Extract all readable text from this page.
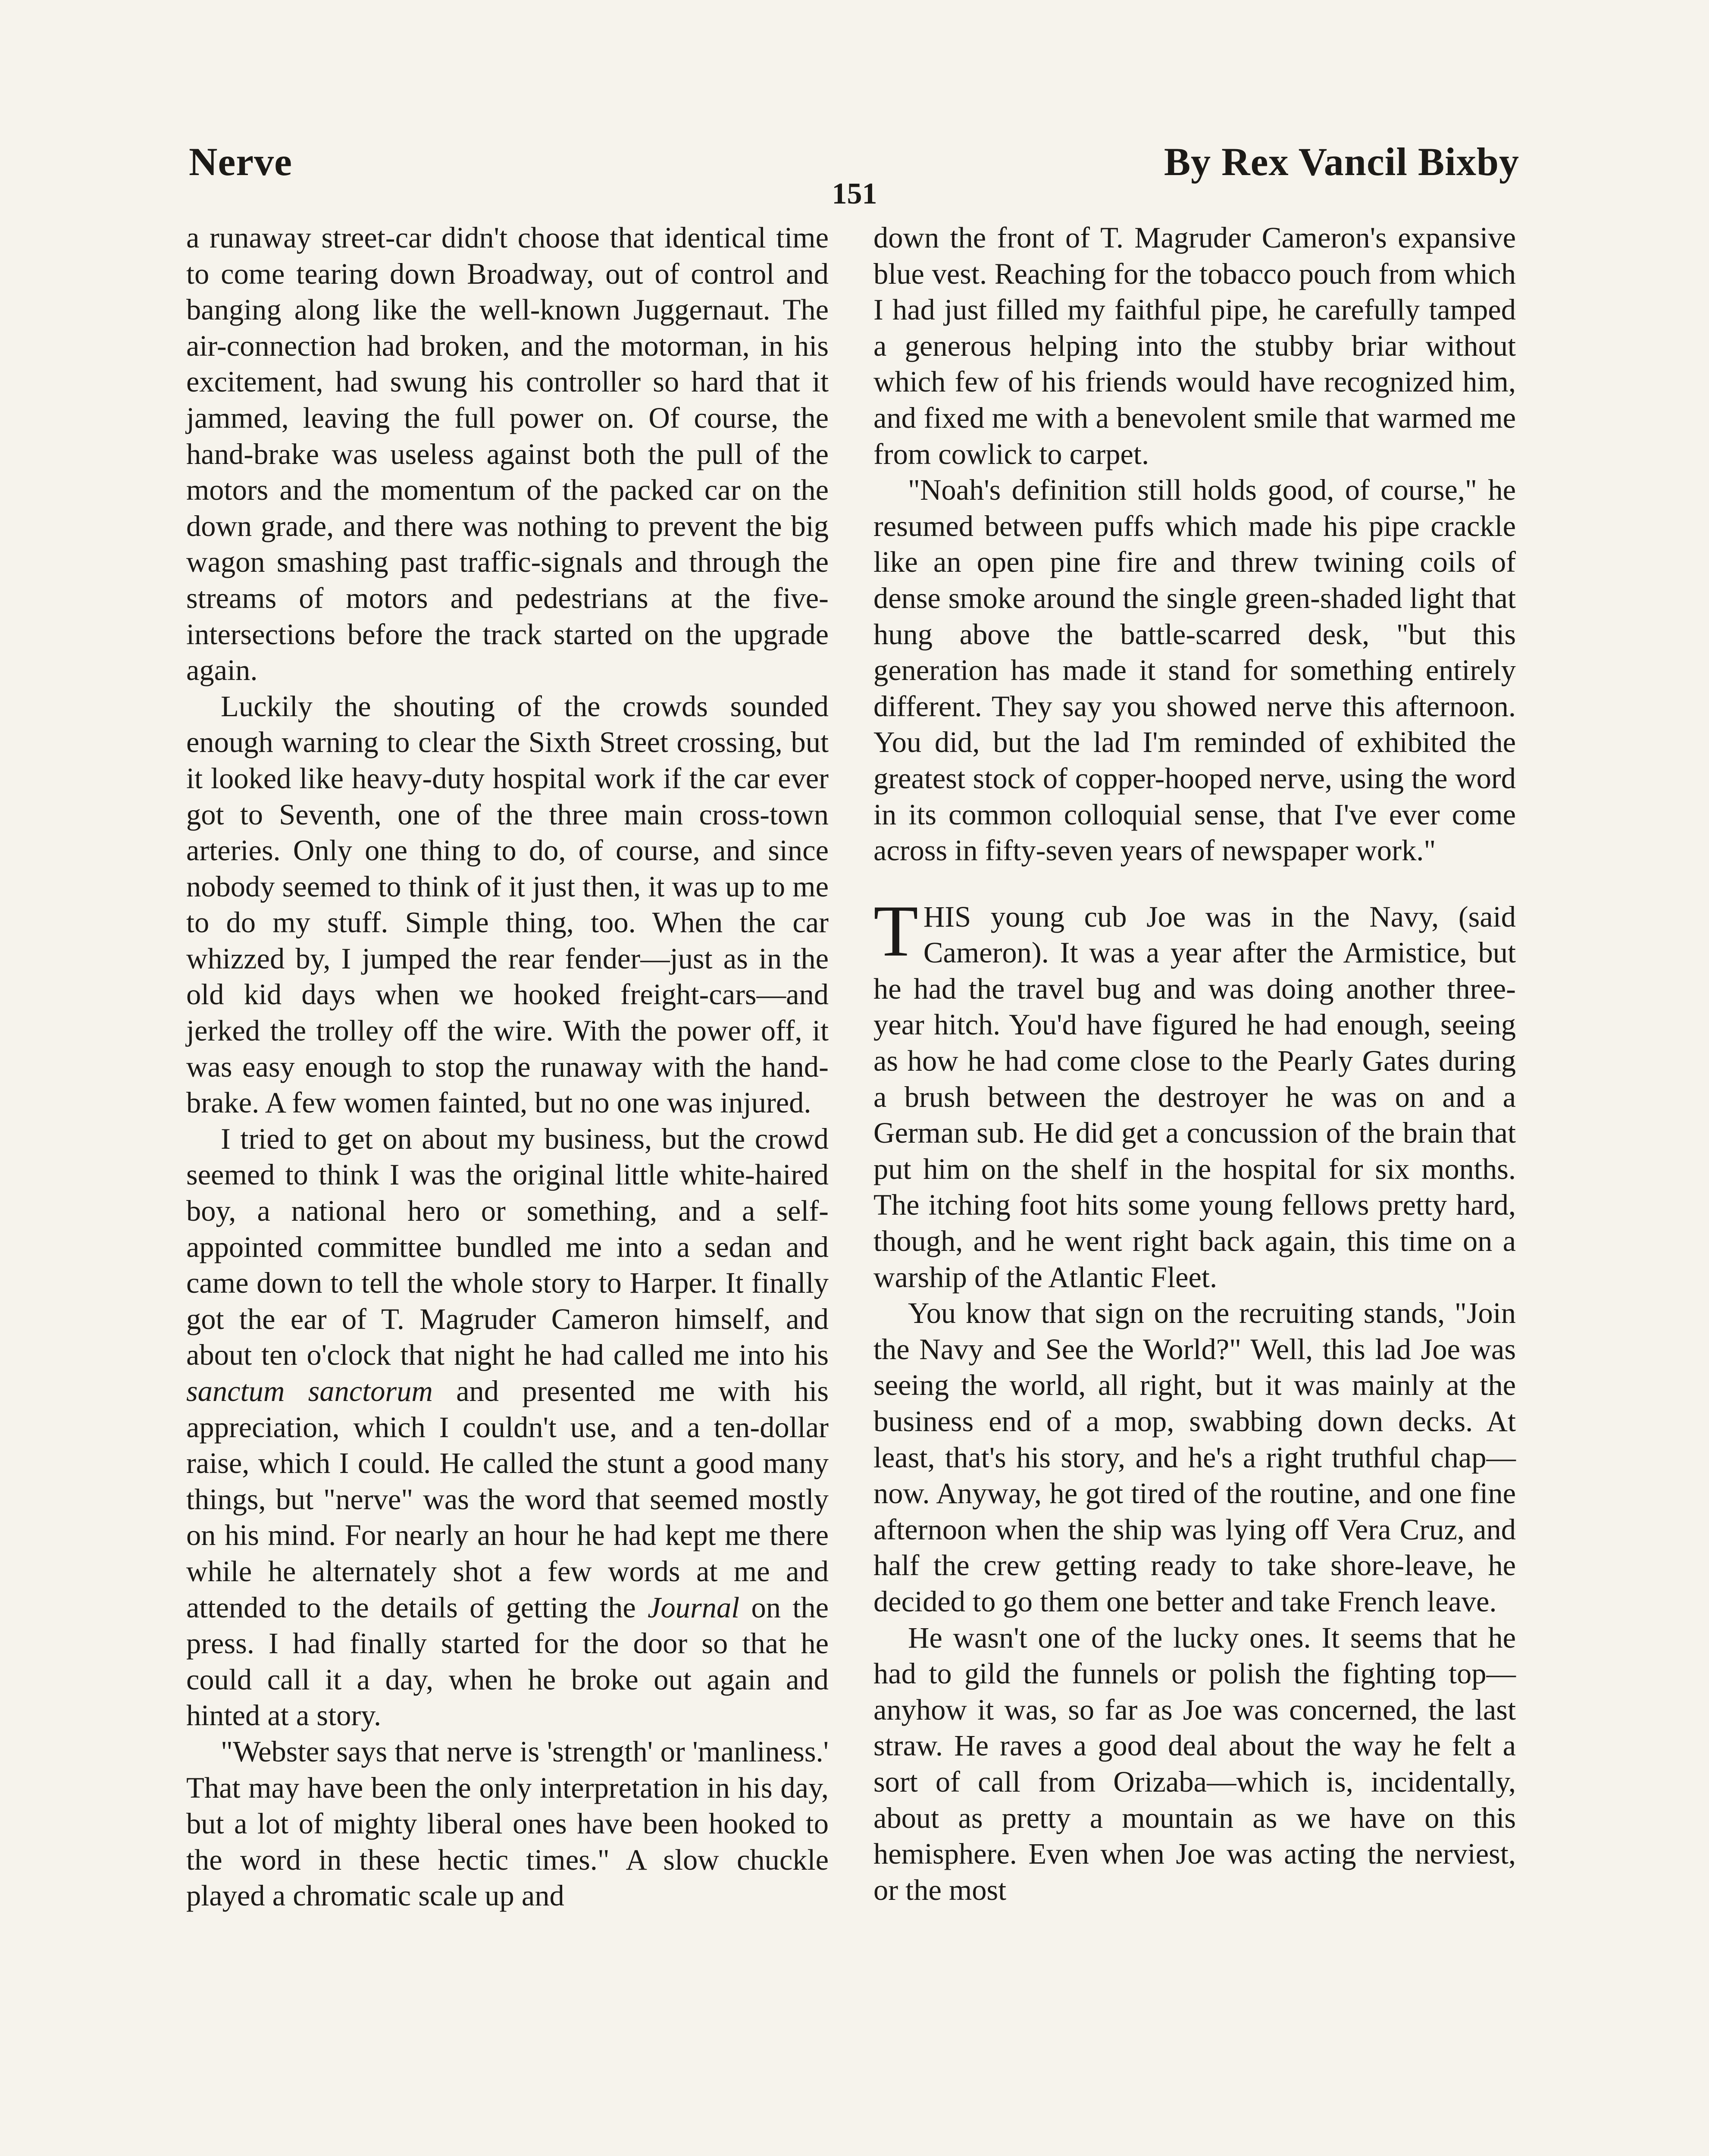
Nerve	By Rex Vancil Bixby
151

a runaway street-car didn't choose that identical time to come tearing down Broadway, out of control and banging along like the well-known Juggernaut. The air-connection had broken, and the motorman, in his excitement, had swung his controller so hard that it jammed, leaving the full power on. Of course, the hand-brake was useless against both the pull of the motors and the momentum of the packed car on the down grade, and there was nothing to prevent the big wagon smashing past traffic-signals and through the streams of motors and pedestrians at the five-intersections before the track started on the upgrade again.

Luckily the shouting of the crowds sounded enough warning to clear the Sixth Street crossing, but it looked like heavy-duty hospital work if the car ever got to Seventh, one of the three main cross-town arteries. Only one thing to do, of course, and since nobody seemed to think of it just then, it was up to me to do my stuff. Simple thing, too. When the car whizzed by, I jumped the rear fender—just as in the old kid days when we hooked freight-cars—and jerked the trolley off the wire. With the power off, it was easy enough to stop the runaway with the hand-brake. A few women fainted, but no one was injured.

I tried to get on about my business, but the crowd seemed to think I was the original little white-haired boy, a national hero or something, and a self-appointed committee bundled me into a sedan and came down to tell the whole story to Harper. It finally got the ear of T. Magruder Cameron himself, and about ten o'clock that night he had called me into his sanctum sanctorum and presented me with his appreciation, which I couldn't use, and a ten-dollar raise, which I could. He called the stunt a good many things, but "nerve" was the word that seemed mostly on his mind. For nearly an hour he had kept me there while he alternately shot a few words at me and attended to the details of getting the Journal on the press. I had finally started for the door so that he could call it a day, when he broke out again and hinted at a story.

"Webster says that nerve is 'strength' or 'manliness.' That may have been the only interpretation in his day, but a lot of mighty liberal ones have been hooked to the word in these hectic times." A slow chuckle played a chromatic scale up and

down the front of T. Magruder Cameron's expansive blue vest. Reaching for the tobacco pouch from which I had just filled my faithful pipe, he carefully tamped a generous helping into the stubby briar without which few of his friends would have recognized him, and fixed me with a benevolent smile that warmed me from cowlick to carpet.

"Noah's definition still holds good, of course," he resumed between puffs which made his pipe crackle like an open pine fire and threw twining coils of dense smoke around the single green-shaded light that hung above the battle-scarred desk, "but this generation has made it stand for something entirely different. They say you showed nerve this afternoon. You did, but the lad I'm reminded of exhibited the greatest stock of copper-hooped nerve, using the word in its common colloquial sense, that I've ever come across in fifty-seven years of newspaper work."

THIS young cub Joe was in the Navy, (said Cameron). It was a year after the Armistice, but he had the travel bug and was doing another three-year hitch. You'd have figured he had enough, seeing as how he had come close to the Pearly Gates during a brush between the destroyer he was on and a German sub. He did get a concussion of the brain that put him on the shelf in the hospital for six months. The itching foot hits some young fellows pretty hard, though, and he went right back again, this time on a warship of the Atlantic Fleet.

You know that sign on the recruiting stands, "Join the Navy and See the World?" Well, this lad Joe was seeing the world, all right, but it was mainly at the business end of a mop, swabbing down decks. At least, that's his story, and he's a right truthful chap—now. Anyway, he got tired of the routine, and one fine afternoon when the ship was lying off Vera Cruz, and half the crew getting ready to take shore-leave, he decided to go them one better and take French leave.

He wasn't one of the lucky ones. It seems that he had to gild the funnels or polish the fighting top—anyhow it was, so far as Joe was concerned, the last straw. He raves a good deal about the way he felt a sort of call from Orizaba—which is, incidentally, about as pretty a mountain as we have on this hemisphere. Even when Joe was acting the nerviest, or the most
